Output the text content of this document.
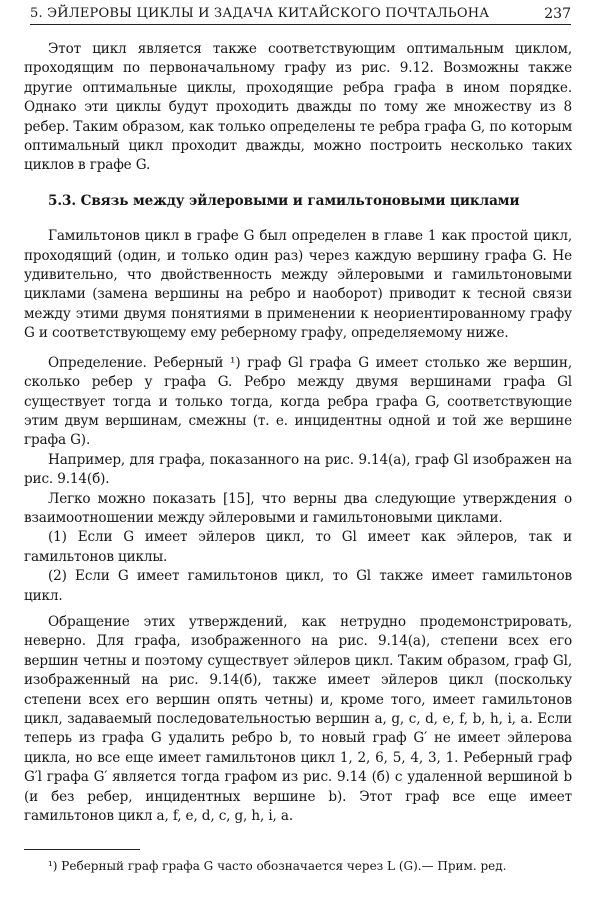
5. ЭЙЛЕРОВЫ ЦИКЛЫ И ЗАДАЧА КИТАЙСКОГО ПОЧТАЛЬОНА	237

Этот цикл является также соответствующим оптимальным циклом, проходящим по первоначальному графу из рис. 9.12. Возможны также другие оптимальные циклы, проходящие ребра графа в ином порядке. Однако эти циклы будут проходить дважды по тому же множеству из 8 ребер. Таким образом, как только определены те ребра графа G, по которым оптимальный цикл проходит дважды, можно построить несколько таких циклов в графе G.

5.3. Связь между эйлеровыми и гамильтоновыми циклами

Гамильтонов цикл в графе G был определен в главе 1 как простой цикл, проходящий (один, и только один раз) через каждую вершину графа G. Не удивительно, что двойственность между эйлеровыми и гамильтоновыми циклами (замена вершины на ребро и наоборот) приводит к тесной связи между этими двумя понятиями в применении к неориентированному графу G и соответствующему ему реберному графу, определяемому ниже.

Определение. Реберный ¹) граф Gl графа G имеет столько же вершин, сколько ребер у графа G. Ребро между двумя вершинами графа Gl существует тогда и только тогда, когда ребра графа G, соответствующие этим двум вершинам, смежны (т. е. инцидентны одной и той же вершине графа G).

Например, для графа, показанного на рис. 9.14(а), граф Gl изображен на рис. 9.14(б).

Легко можно показать [15], что верны два следующие утверждения о взаимоотношении между эйлеровыми и гамильтоновыми циклами.

(1) Если G имеет эйлеров цикл, то Gl имеет как эйлеров, так и гамильтонов циклы.

(2) Если G имеет гамильтонов цикл, то Gl также имеет гамильтонов цикл.

Обращение этих утверждений, как нетрудно продемонстрировать, неверно. Для графа, изображенного на рис. 9.14(а), степени всех его вершин четны и поэтому существует эйлеров цикл. Таким образом, граф Gl, изображенный на рис. 9.14(б), также имеет эйлеров цикл (поскольку степени всех его вершин опять четны) и, кроме того, имеет гамильтонов цикл, задаваемый последовательностью вершин a, g, c, d, e, f, b, h, i, a. Если теперь из графа G удалить ребро b, то новый граф G′ не имеет эйлерова цикла, но все еще имеет гамильтонов цикл 1, 2, 6, 5, 4, 3, 1. Реберный граф G′l графа G′ является тогда графом из рис. 9.14 (б) с удаленной вершиной b (и без ребер, инцидентных вершине b). Этот граф все еще имеет гамильтонов цикл a, f, e, d, c, g, h, i, a.

¹) Реберный граф графа G часто обозначается через L (G).— Прим. ред.
